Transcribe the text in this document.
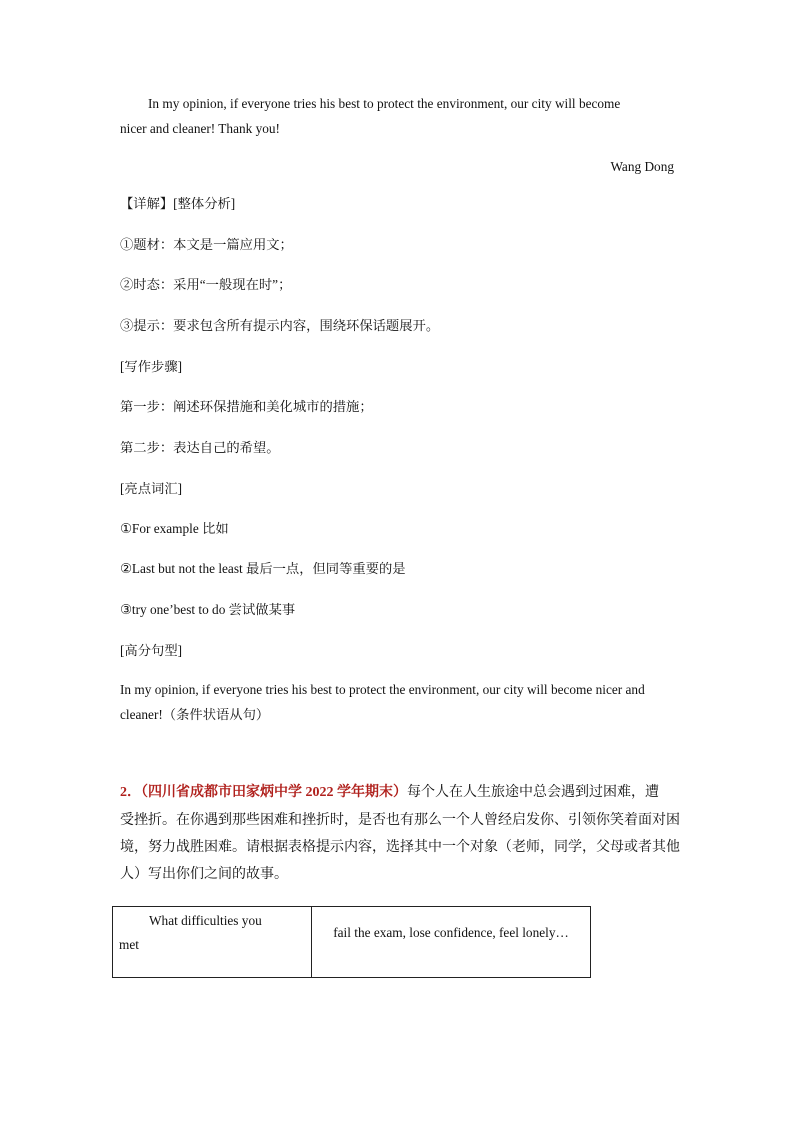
In my opinion, if everyone tries his best to protect the environment, our city will become
nicer and cleaner! Thank you!
Wang Dong
【详解】[整体分析]
①题材：本文是一篇应用文；
②时态：采用“一般现在时”；
③提示：要求包含所有提示内容，围绕环保话题展开。
[写作步骤]
第一步：阐述环保措施和美化城市的措施；
第二步：表达自己的希望。
[亮点词汇]
①For example 比如
②Last but not the least 最后一点，但同等重要的是
③try one’best to do 尝试做某事
[高分句型]
In my opinion, if everyone tries his best to protect the environment, our city will become nicer and
cleaner!（条件状语从句）
2．（四川省成都市田家炳中学 2022 学年期末）每个人在人生旅途中总会遇到过困难，遭
受挫折。在你遇到那些困难和挫折时，是否也有那么一个人曾经启发你、引领你笑着面对困
境，努力战胜困难。请根据表格提示内容，选择其中一个对象（老师，同学，父母或者其他
人）写出你们之间的故事。
What difficulties you
met	fail the exam, lose confidence, feel lonely…
